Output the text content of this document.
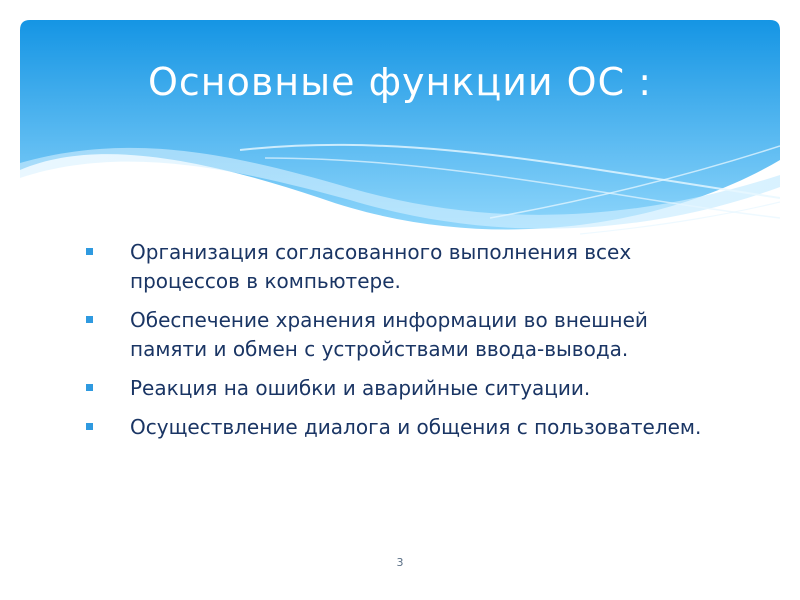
Основные функции ОС :
Организация согласованного выполнения всех процессов в компьютере.
Обеспечение хранения информации во внешней памяти и обмен с устройствами ввода-вывода.
Реакция на ошибки и аварийные ситуации.
Осуществление диалога и общения с пользователем.
3
